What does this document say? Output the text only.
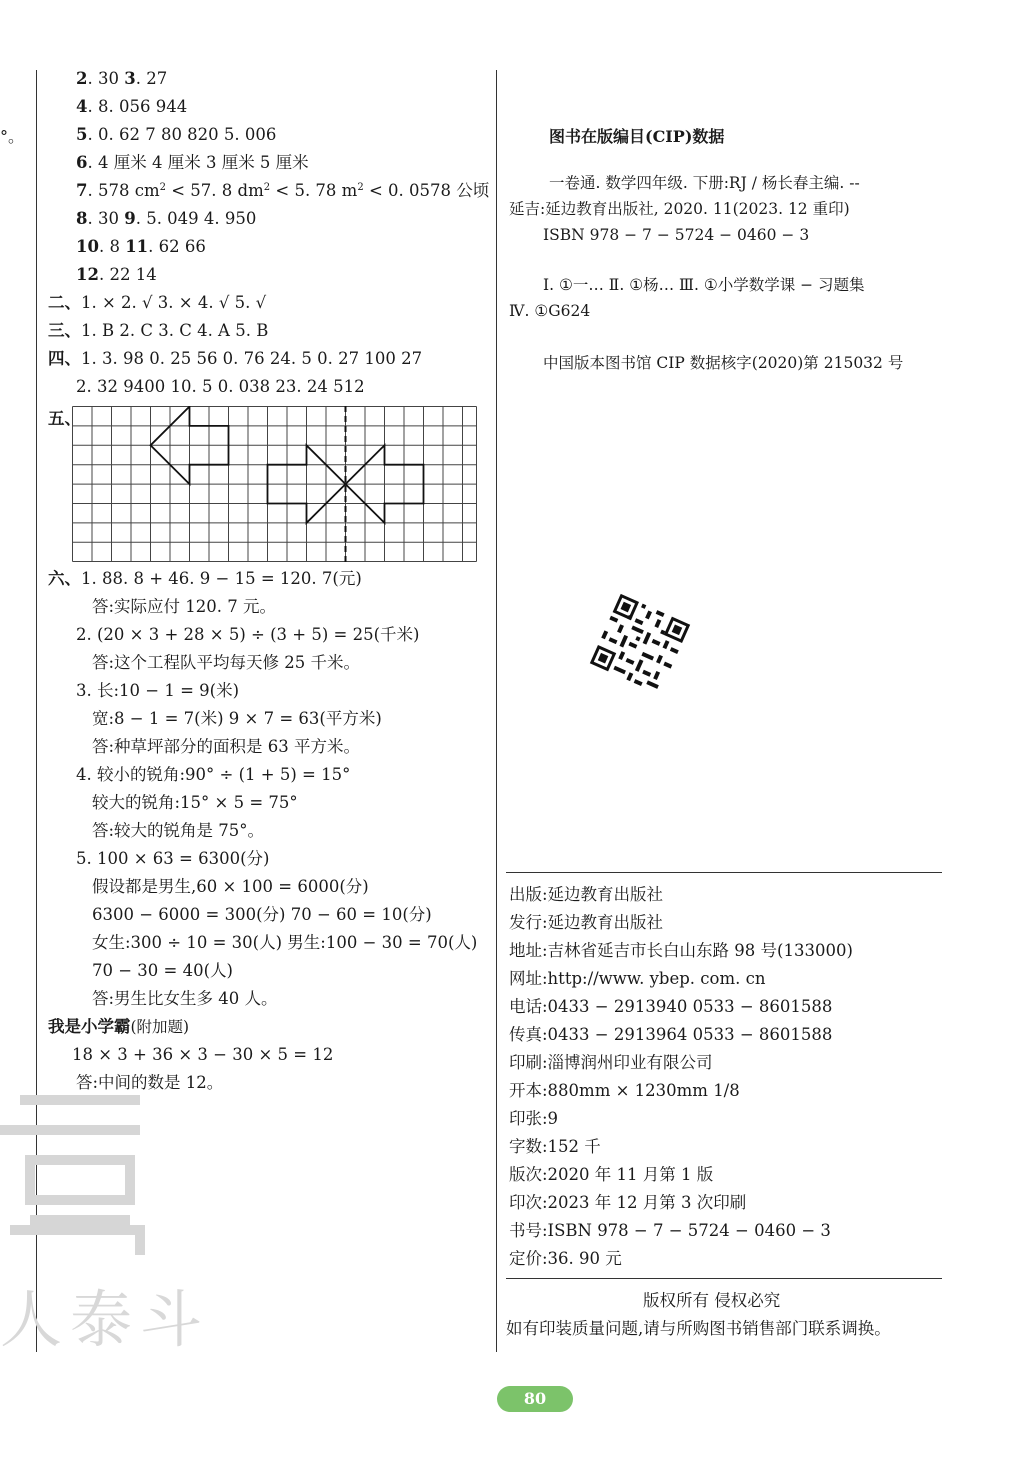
°。
人泰斗
2. 30 3. 27
4. 8. 056 944
5. 0. 62 7 80 820 5. 006
6. 4 厘米 4 厘米 3 厘米 5 厘米
7. 578 $cm^2 < 57$. 8 $dm^2 < 5$. 78 $m^2 < 0$. 0578 公顷
8. 30 9. 5. 049 4. 950
10. 8 11. 62 66
12. 22 14
二、1. × 2. √ 3. × 4. √ 5. √
三、1. B 2. C 3. C 4. A 5. B
四、1. 3. 98 0. 25 56 0. 76 24. 5 0. 27 100 27
2. 32 9400 10. 5 0. 038 23. 24 512
五、
六、1. 88. 8 + 46. 9 − 15 = 120. 7(元)
答:实际应付 120. 7 元。
2. (20 × 3 + 28 × 5) ÷ (3 + 5) = 25(千米)
答:这个工程队平均每天修 25 千米。
3. 长:10 − 1 = 9(米)
宽:8 − 1 = 7(米) 9 × 7 = 63(平方米)
答:种草坪部分的面积是 63 平方米。
4. 较小的锐角:90° ÷ (1 + 5) = 15°
较大的锐角:15° × 5 = 75°
答:较大的锐角是 75°。
5. 100 × 63 = 6300(分)
假设都是男生,60 × 100 = 6000(分)
6300 − 6000 = 300(分) 70 − 60 = 10(分)
女生:300 ÷ 10 = 30(人) 男生:100 − 30 = 70(人)
70 − 30 = 40(人)
答:男生比女生多 40 人。
我是小学霸(附加题)
18 × 3 + 36 × 3 − 30 × 5 = 12
答:中间的数是 12。
图书在版编目(CIP)数据
一卷通. 数学四年级. 下册:RJ / 杨长春主编. --
延吉:延边教育出版社, 2020. 11(2023. 12 重印)
ISBN 978 − 7 − 5724 − 0460 − 3
Ⅰ. ①一… Ⅱ. ①杨… Ⅲ. ①小学数学课 − 习题集
Ⅳ. ①G624
中国版本图书馆 CIP 数据核字(2020)第 215032 号
出版:延边教育出版社
发行:延边教育出版社
地址:吉林省延吉市长白山东路 98 号(133000)
网址:http://www. ybep. com. cn
电话:0433 − 2913940 0533 − 8601588
传真:0433 − 2913964 0533 − 8601588
印刷:淄博润州印业有限公司
开本:880mm × 1230mm 1/8
印张:9
字数:152 千
版次:2020 年 11 月第 1 版
印次:2023 年 12 月第 3 次印刷
书号:ISBN 978 − 7 − 5724 − 0460 − 3
定价:36. 90 元
版权所有 侵权必究
如有印装质量问题,请与所购图书销售部门联系调换。
80
